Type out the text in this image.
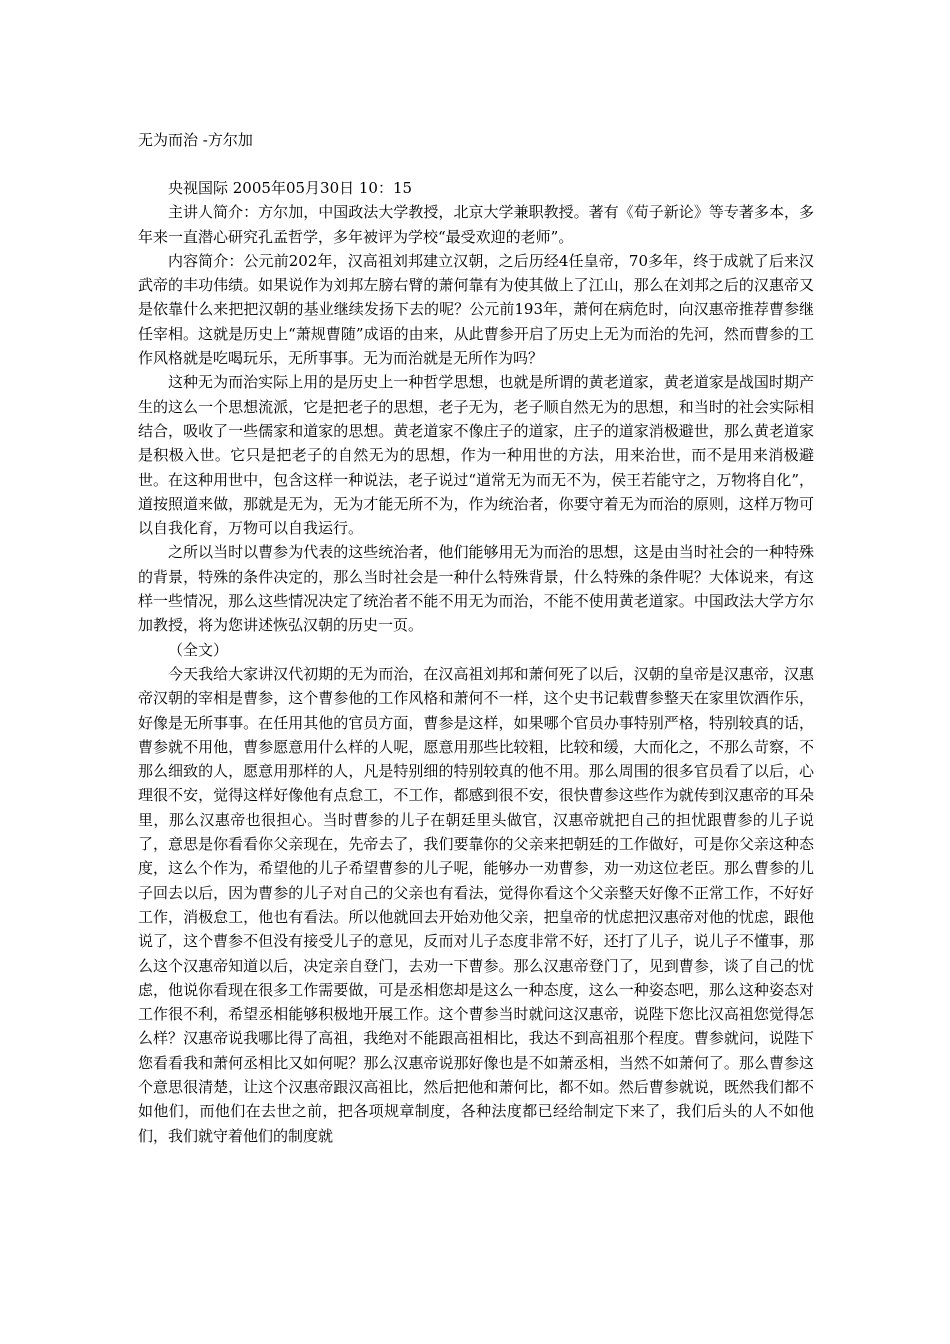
无为而治 -方尔加

央视国际 2005年05月30日 10：15

主讲人简介：方尔加，中国政法大学教授，北京大学兼职教授。著有《荀子新论》等专著多本，多年来一直潜心研究孔孟哲学，多年被评为学校“最受欢迎的老师”。

内容简介：公元前202年，汉高祖刘邦建立汉朝，之后历经4任皇帝，70多年，终于成就了后来汉武帝的丰功伟绩。如果说作为刘邦左膀右臂的萧何靠有为使其做上了江山，那么在刘邦之后的汉惠帝又是依靠什么来把把汉朝的基业继续发扬下去的呢？公元前193年，萧何在病危时，向汉惠帝推荐曹参继任宰相。这就是历史上“萧规曹随”成语的由来，从此曹参开启了历史上无为而治的先河，然而曹参的工作风格就是吃喝玩乐，无所事事。无为而治就是无所作为吗？

这种无为而治实际上用的是历史上一种哲学思想，也就是所谓的黄老道家，黄老道家是战国时期产生的这么一个思想流派，它是把老子的思想，老子无为，老子顺自然无为的思想，和当时的社会实际相结合，吸收了一些儒家和道家的思想。黄老道家不像庄子的道家，庄子的道家消极避世，那么黄老道家是积极入世。它只是把老子的自然无为的思想，作为一种用世的方法，用来治世，而不是用来消极避世。在这种用世中，包含这样一种说法，老子说过“道常无为而无不为，侯王若能守之，万物将自化”，道按照道来做，那就是无为，无为才能无所不为，作为统治者，你要守着无为而治的原则，这样万物可以自我化育，万物可以自我运行。

之所以当时以曹参为代表的这些统治者，他们能够用无为而治的思想，这是由当时社会的一种特殊的背景，特殊的条件决定的，那么当时社会是一种什么特殊背景，什么特殊的条件呢？大体说来，有这样一些情况，那么这些情况决定了统治者不能不用无为而治，不能不使用黄老道家。中国政法大学方尔加教授，将为您讲述恢弘汉朝的历史一页。

（全文）

今天我给大家讲汉代初期的无为而治，在汉高祖刘邦和萧何死了以后，汉朝的皇帝是汉惠帝，汉惠帝汉朝的宰相是曹参，这个曹参他的工作风格和萧何不一样，这个史书记载曹参整天在家里饮酒作乐，好像是无所事事。在任用其他的官员方面，曹参是这样，如果哪个官员办事特别严格，特别较真的话，曹参就不用他，曹参愿意用什么样的人呢，愿意用那些比较粗，比较和缓，大而化之，不那么苛察，不那么细致的人，愿意用那样的人，凡是特别细的特别较真的他不用。那么周围的很多官员看了以后，心理很不安，觉得这样好像他有点怠工，不工作，都感到很不安，很快曹参这些作为就传到汉惠帝的耳朵里，那么汉惠帝也很担心。当时曹参的儿子在朝廷里头做官，汉惠帝就把自己的担忧跟曹参的儿子说了，意思是你看看你父亲现在，先帝去了，我们要靠你的父亲来把朝廷的工作做好，可是你父亲这种态度，这么个作为，希望他的儿子希望曹参的儿子呢，能够办一劝曹参，劝一劝这位老臣。那么曹参的儿子回去以后，因为曹参的儿子对自己的父亲也有看法，觉得你看这个父亲整天好像不正常工作，不好好工作，消极怠工，他也有看法。所以他就回去开始劝他父亲，把皇帝的忧虑把汉惠帝对他的忧虑，跟他说了，这个曹参不但没有接受儿子的意见，反而对儿子态度非常不好，还打了儿子，说儿子不懂事，那么这个汉惠帝知道以后，决定亲自登门，去劝一下曹参。那么汉惠帝登门了，见到曹参，谈了自己的忧虑，他说你看现在很多工作需要做，可是丞相您却是这么一种态度，这么一种姿态吧，那么这种姿态对工作很不利，希望丞相能够积极地开展工作。这个曹参当时就问这汉惠帝，说陛下您比汉高祖您觉得怎么样？汉惠帝说我哪比得了高祖，我绝对不能跟高祖相比，我达不到高祖那个程度。曹参就问，说陛下您看看我和萧何丞相比又如何呢？那么汉惠帝说那好像也是不如萧丞相，当然不如萧何了。那么曹参这个意思很清楚，让这个汉惠帝跟汉高祖比，然后把他和萧何比，都不如。然后曹参就说，既然我们都不如他们，而他们在去世之前，把各项规章制度，各种法度都已经给制定下来了，我们后头的人不如他们，我们就守着他们的制度就
